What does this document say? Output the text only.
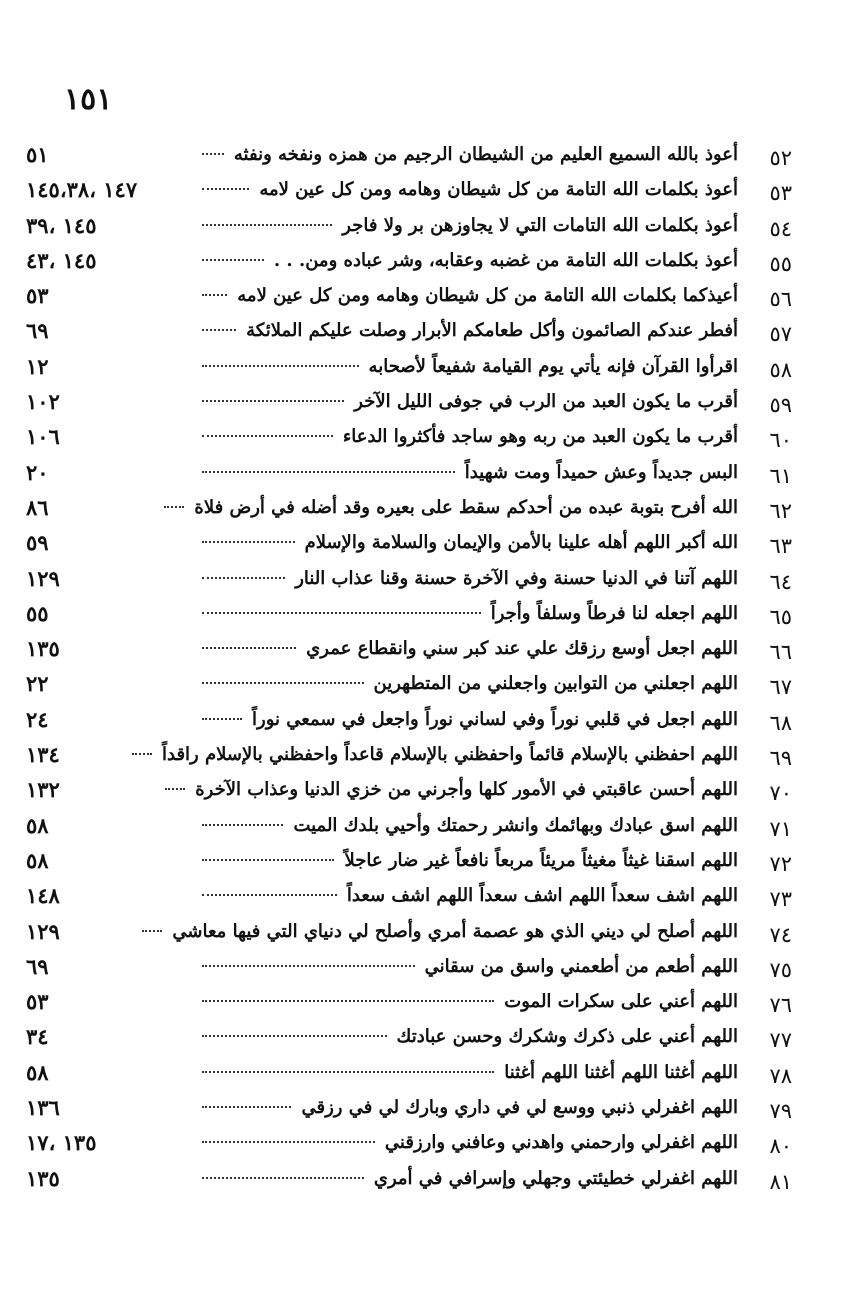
١٥١
٥٢
أعوذ بالله السميع العليم من الشيطان الرجيم من همزه ونفخه ونفثه
٥١
٥٣
أعوذ بكلمات الله التامة من كل شيطان وهامه ومن كل عين لامه
١٤٧ ،١٤٥،٣٨
٥٤
أعوذ بكلمات الله التامات التي لا يجاوزهن بر ولا فاجر
١٤٥ ،٣٩
٥٥
أعوذ بكلمات الله التامة من غضبه وعقابه، وشر عباده ومن. . .
١٤٥ ،٤٣
٥٦
أعيذكما بكلمات الله التامة من كل شيطان وهامه ومن كل عين لامه
٥٣
٥٧
أفطر عندكم الصائمون وأكل طعامكم الأبرار وصلت عليكم الملائكة
٦٩
٥٨
اقرأوا القرآن فإنه يأتي يوم القيامة شفيعاً لأصحابه
١٢
٥٩
أقرب ما يكون العبد من الرب في جوفى الليل الآخر
١٠٢
٦٠
أقرب ما يكون العبد من ربه وهو ساجد فأكثروا الدعاء
١٠٦
٦١
البس جديداً وعش حميداً ومت شهيداً
٢٠
٦٢
الله أفرح بتوبة عبده من أحدكم سقط على بعيره وقد أضله في أرض فلاة
٨٦
٦٣
الله أكبر اللهم أهله علينا بالأمن والإيمان والسلامة والإسلام
٥٩
٦٤
اللهم آتنا في الدنيا حسنة وفي الآخرة حسنة وقنا عذاب النار
١٢٩
٦٥
اللهم اجعله لنا فرطاً وسلفاً وأجراً
٥٥
٦٦
اللهم اجعل أوسع رزقك علي عند كبر سني وانقطاع عمري
١٣٥
٦٧
اللهم اجعلني من التوابين واجعلني من المتطهرين
٢٢
٦٨
اللهم اجعل في قلبي نوراً وفي لساني نوراً واجعل في سمعي نوراً
٢٤
٦٩
اللهم احفظني بالإسلام قائماً واحفظني بالإسلام قاعداً واحفظني بالإسلام راقداً
١٣٤
٧٠
اللهم أحسن عاقبتي في الأمور كلها وأجرني من خزي الدنيا وعذاب الآخرة
١٣٢
٧١
اللهم اسق عبادك وبهائمك وانشر رحمتك وأحيي بلدك الميت
٥٨
٧٢
اللهم اسقنا غيثاً مغيثاً مريئاً مربعاً نافعاً غير ضار عاجلاً
٥٨
٧٣
اللهم اشف سعداً اللهم اشف سعداً اللهم اشف سعداً
١٤٨
٧٤
اللهم أصلح لي ديني الذي هو عصمة أمري وأصلح لي دنياي التي فيها معاشي
١٢٩
٧٥
اللهم أطعم من أطعمني واسق من سقاني
٦٩
٧٦
اللهم أعني على سكرات الموت
٥٣
٧٧
اللهم أعني على ذكرك وشكرك وحسن عبادتك
٣٤
٧٨
اللهم أغثنا اللهم أغثنا اللهم أغثنا
٥٨
٧٩
اللهم اغفرلي ذنبي ووسع لي في داري وبارك لي في رزقي
١٣٦
٨٠
اللهم اغفرلي وارحمني واهدني وعافني وارزقني
١٣٥ ،١٧
٨١
اللهم اغفرلي خطيئتي وجهلي وإسرافي في أمري
١٣٥
